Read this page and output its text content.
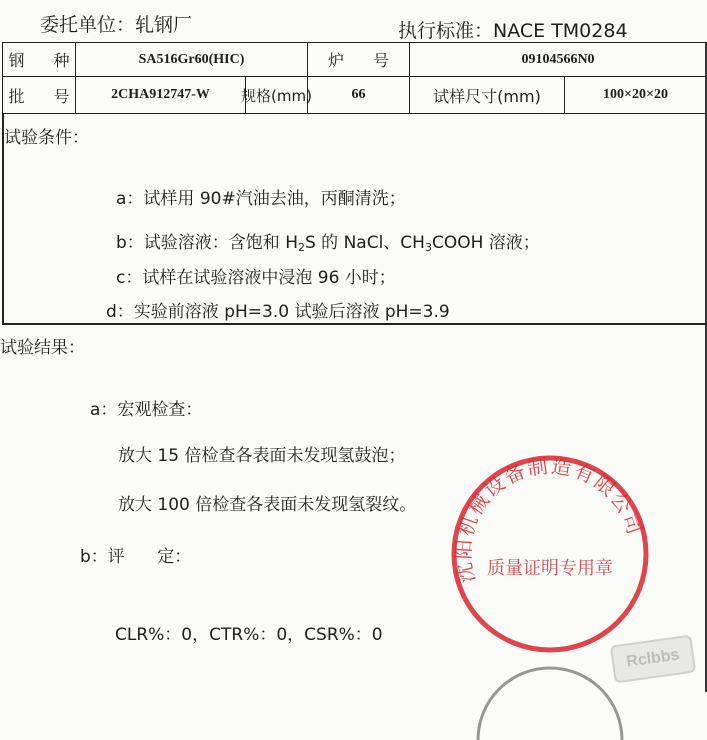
委托单位：轧钢厂	执行标准：NACE TM0284
钢 种	SA516Gr60(HIC)	炉 号	09104566N0
批 号	2CHA912747-W	规格(mm)	66	试样尺寸(mm)	100×20×20
试验条件：
a：试样用 90#汽油去油，丙酮清洗；
b：试验溶液：含饱和 $H_2S$ 的 NaCl、$CH_3COOH$ 溶液；
c：试样在试验溶液中浸泡 96 小时；
d：实验前溶液 pH=3.0 试验后溶液 pH=3.9
试验结果：
a：宏观检查：
放大 15 倍检查各表面未发现氢鼓泡；
放大 100 倍检查各表面未发现氢裂纹。
b：评      定：
CLR%：0，CTR%：0，CSR%：0
沈阳机械设备制造有限公司
质量证明专用章
Rclbbs
